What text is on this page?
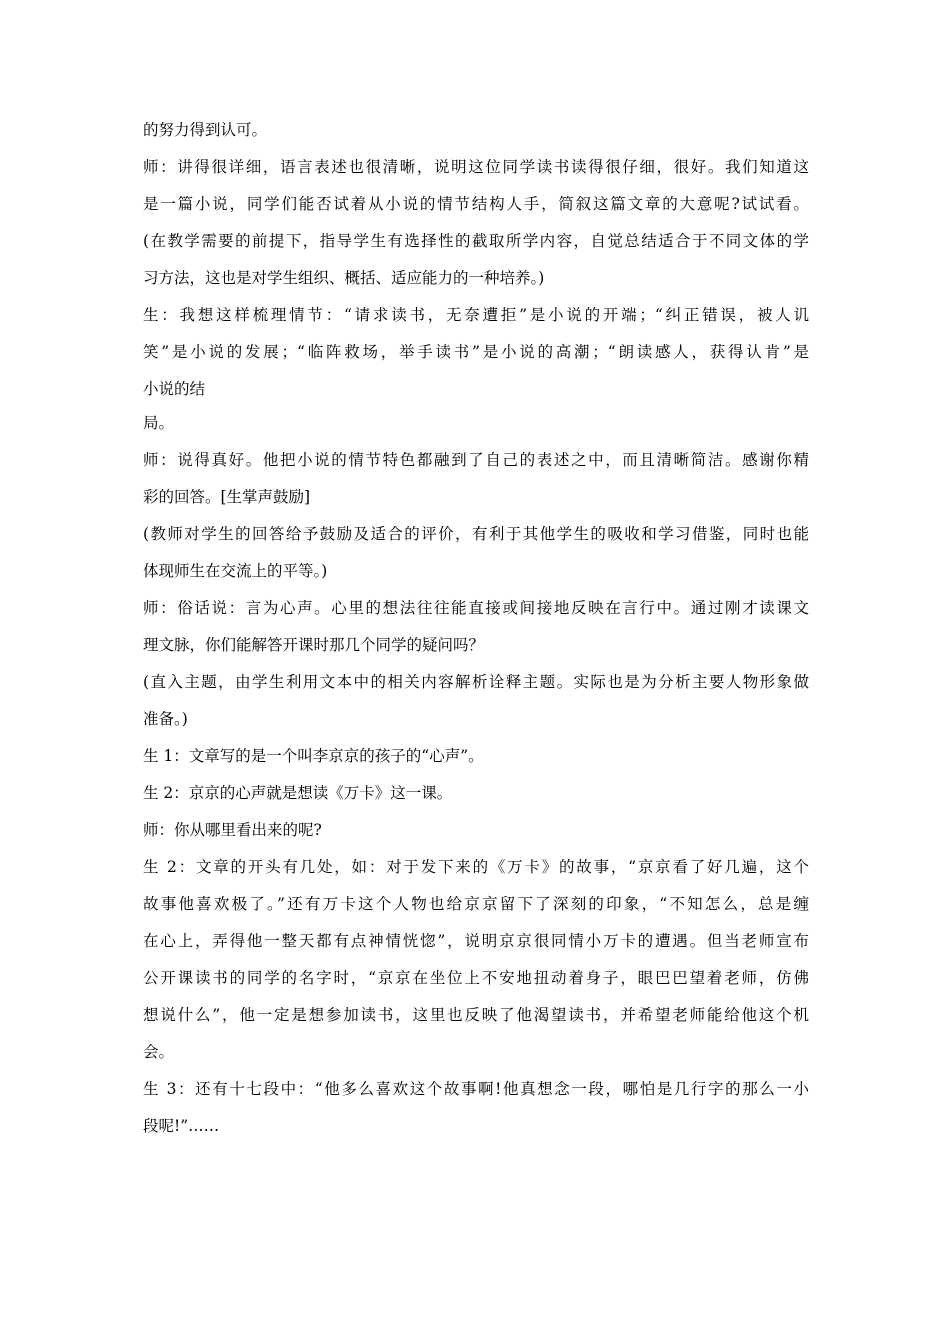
的努力得到认可。
师：讲得很详细，语言表述也很清晰，说明这位同学读书读得很仔细，很好。我们知道这
是一篇小说，同学们能否试着从小说的情节结构人手，简叙这篇文章的大意呢?试试看。
(在教学需要的前提下，指导学生有选择性的截取所学内容，自觉总结适合于不同文体的学
习方法，这也是对学生组织、概括、适应能力的一种培养。)
生：我想这样梳理情节：“请求读书，无奈遭拒”是小说的开端；“纠正错误，被人讥
笑”是小说的发展；“临阵救场，举手读书”是小说的高潮；“朗读感人，获得认肯”是
小说的结
局。
师：说得真好。他把小说的情节特色都融到了自己的表述之中，而且清晰简洁。感谢你精
彩的回答。[生掌声鼓励]
(教师对学生的回答给予鼓励及适合的评价，有利于其他学生的吸收和学习借鉴，同时也能
体现师生在交流上的平等。)
师：俗话说：言为心声。心里的想法往往能直接或间接地反映在言行中。通过刚才读课文
理文脉，你们能解答开课时那几个同学的疑问吗？
(直入主题，由学生利用文本中的相关内容解析诠释主题。实际也是为分析主要人物形象做
准备。)
生 1：文章写的是一个叫李京京的孩子的“心声”。
生 2：京京的心声就是想读《万卡》这一课。
师：你从哪里看出来的呢?
生 2：文章的开头有几处，如：对于发下来的《万卡》的故事，“京京看了好几遍，这个
故事他喜欢极了。”还有万卡这个人物也给京京留下了深刻的印象，“不知怎么，总是缠
在心上，弄得他一整天都有点神情恍惚”，说明京京很同情小万卡的遭遇。但当老师宣布
公开课读书的同学的名字时，“京京在坐位上不安地扭动着身子，眼巴巴望着老师，仿佛
想说什么”，他一定是想参加读书，这里也反映了他渴望读书，并希望老师能给他这个机
会。
生 3：还有十七段中：“他多么喜欢这个故事啊!他真想念一段，哪怕是几行字的那么一小
段呢!”……
